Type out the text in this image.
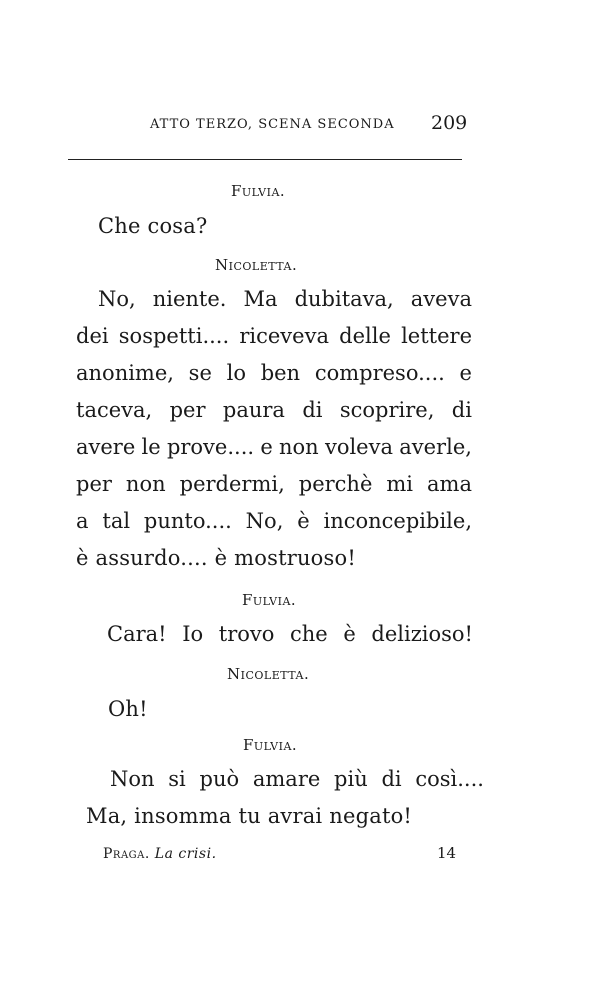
ATTO TERZO, SCENA SECONDA 209
Fulvia.
Che cosa?
Nicoletta.
No, niente. Ma dubitava, aveva
dei sospetti.... riceveva delle lettere
anonime, se lo ben compreso.... e
taceva, per paura di scoprire, di
avere le prove.... e non voleva averle,
per non perdermi, perchè mi ama
a tal punto.... No, è inconcepibile,
è assurdo.... è mostruoso!
Fulvia.
Cara! Io trovo che è delizioso!
Nicoletta.
Oh!
Fulvia.
Non si può amare più di così....
Ma, insomma tu avrai negato!
Praga. La crisi.	14
